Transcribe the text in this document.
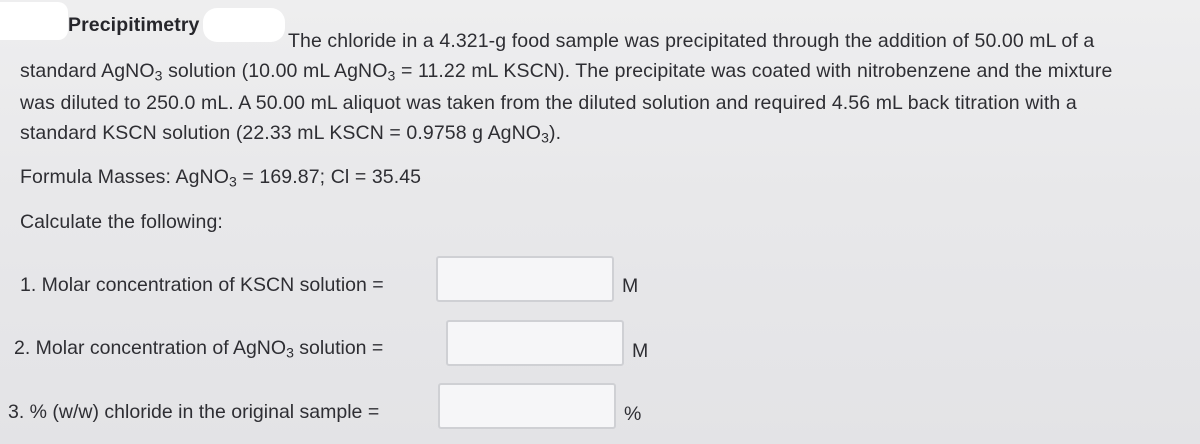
Precipitimetry
The chloride in a 4.321-g food sample was precipitated through the addition of 50.00 mL of a
standard AgNO$_3$ solution (10.00 mL AgNO$_3$ = 11.22 mL KSCN). The precipitate was coated with nitrobenzene and the mixture
was diluted to 250.0 mL. A 50.00 mL aliquot was taken from the diluted solution and required 4.56 mL back titration with a
standard KSCN solution (22.33 mL KSCN = 0.9758 g AgNO$_3$).
Formula Masses: AgNO$_3$ = 169.87; Cl = 35.45
Calculate the following:
1. Molar concentration of KSCN solution =	M
2. Molar concentration of AgNO$_3$ solution =	M
3. % (w/w) chloride in the original sample =	%
